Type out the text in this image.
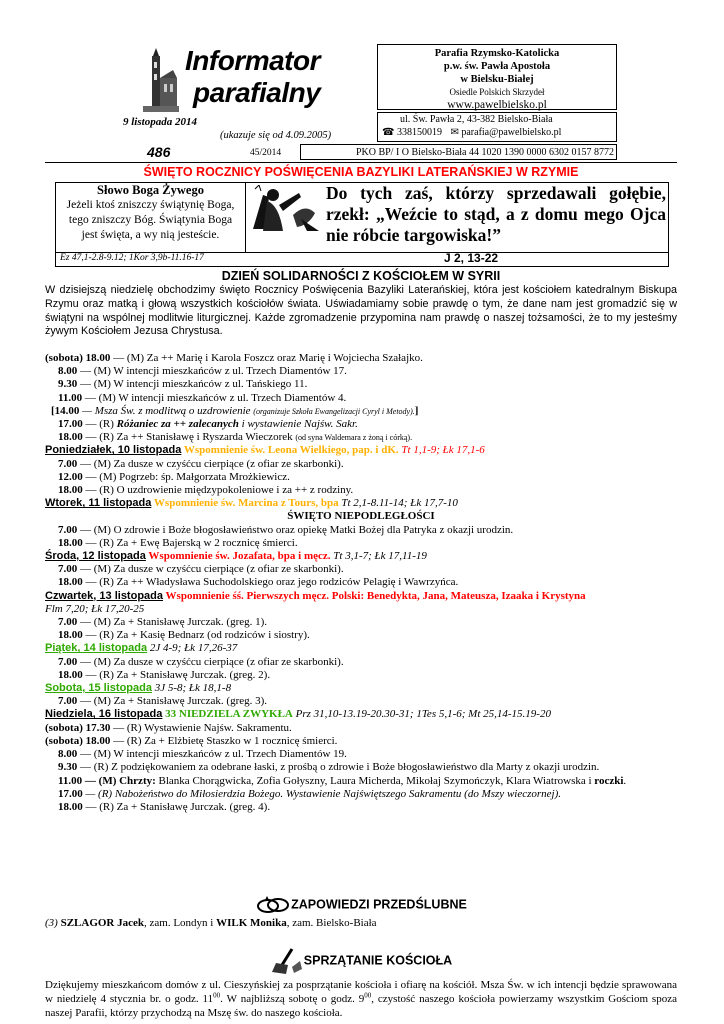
Informator
parafialny
Parafia Rzymsko-Katolicka
p.w. św. Pawła Apostoła
w Bielsku-Białej
Osiedle Polskich Skrzydeł
www.pawelbielsko.pl
9 listopada 2014
(ukazuje się od 4.09.2005)
ul. Św. Pawła 2, 43-382 Bielsko-Biała
☎ 338150019 ✉ parafia@pawelbielsko.pl
486	45/2014	PKO BP/ I O Bielsko-Biała 44 1020 1390 0000 6302 0157 8772
ŚWIĘTO ROCZNICY POŚWIĘCENIA BAZYLIKI LATERAŃSKIEJ W RZYMIE
Słowo Boga Żywego
Jeżeli ktoś zniszczy świątynię Boga,
tego zniszczy Bóg. Świątynia Boga
jest święta, a wy nią jesteście.
Do tych zaś, którzy sprzedawali gołębie, rzekł: „Weźcie to stąd, a z domu mego Ojca nie róbcie targowiska!”
Ez 47,1-2.8-9.12; 1Kor 3,9b-11.16-17	J 2, 13-22
DZIEŃ SOLIDARNOŚCI Z KOŚCIOŁEM W SYRII
W dzisiejszą niedzielę obchodzimy święto Rocznicy Poświęcenia Bazyliki Laterańskiej, która jest kościołem katedralnym Biskupa Rzymu oraz matką i głową wszystkich kościołów świata. Uświadamiamy sobie prawdę o tym, że dane nam jest gromadzić się w świątyni na wspólnej modlitwie liturgicznej. Każde zgromadzenie przypomina nam prawdę o naszej tożsamości, że to my jesteśmy żywym Kościołem Jezusa Chrystusa.
(sobota) 18.00 — (M) Za ++ Marię i Karola Foszcz oraz Marię i Wojciecha Szałajko.
8.00 — (M) W intencji mieszkańców z ul. Trzech Diamentów 17.
9.30 — (M) W intencji mieszkańców z ul. Tańskiego 11.
11.00 — (M) W intencji mieszkańców z ul. Trzech Diamentów 4.
[14.00 — Msza Św. z modlitwą o uzdrowienie (organizuje Szkoła Ewangelizacji Cyryl i Metody).]
17.00 — (R) Różaniec za ++ zalecanych i wystawienie Najśw. Sakr.
18.00 — (R) Za ++ Stanisławę i Ryszarda Wieczorek (od syna Waldemara z żoną i córką).
Poniedziałek, 10 listopada Wspomnienie św. Leona Wielkiego, pap. i dK. Tt 1,1-9; Łk 17,1-6
7.00 — (M) Za dusze w czyśćcu cierpiące (z ofiar ze skarbonki).
12.00 — (M) Pogrzeb: śp. Małgorzata Mrożkiewicz.
18.00 — (R) O uzdrowienie międzypokoleniowe i za ++ z rodziny.
Wtorek, 11 listopada Wspomnienie św. Marcina z Tours, bpa Tt 2,1-8.11-14; Łk 17,7-10
ŚWIĘTO NIEPODLEGŁOŚCI
7.00 — (M) O zdrowie i Boże błogosławieństwo oraz opiekę Matki Bożej dla Patryka z okazji urodzin.
18.00 — (R) Za + Ewę Bajerską w 2 rocznicę śmierci.
Środa, 12 listopada Wspomnienie św. Jozafata, bpa i męcz. Tt 3,1-7; Łk 17,11-19
7.00 — (M) Za dusze w czyśćcu cierpiące (z ofiar ze skarbonki).
18.00 — (R) Za ++ Władysława Suchodolskiego oraz jego rodziców Pelagię i Wawrzyńca.
Czwartek, 13 listopada Wspomnienie śś. Pierwszych męcz. Polski: Benedykta, Jana, Mateusza, Izaaka i Krystyna
Flm 7,20; Łk 17,20-25
7.00 — (M) Za + Stanisławę Jurczak. (greg. 1).
18.00 — (R) Za + Kasię Bednarz (od rodziców i siostry).
Piątek, 14 listopada 2J 4-9; Łk 17,26-37
7.00 — (M) Za dusze w czyśćcu cierpiące (z ofiar ze skarbonki).
18.00 — (R) Za + Stanisławę Jurczak. (greg. 2).
Sobota, 15 listopada 3J 5-8; Łk 18,1-8
7.00 — (M) Za + Stanisławę Jurczak. (greg. 3).
Niedziela, 16 listopada 33 NIEDZIELA ZWYKŁA Prz 31,10-13.19-20.30-31; 1Tes 5,1-6; Mt 25,14-15.19-20
(sobota) 17.30 — (R) Wystawienie Najśw. Sakramentu.
(sobota) 18.00 — (R) Za + Elżbietę Staszko w 1 rocznicę śmierci.
8.00 — (M) W intencji mieszkańców z ul. Trzech Diamentów 19.
9.30 — (R) Z podziękowaniem za odebrane łaski, z prośbą o zdrowie i Boże błogosławieństwo dla Marty z okazji urodzin.
11.00 — (M) Chrzty: Blanka Chorągwicka, Zofia Gołyszny, Laura Micherda, Mikołaj Szymończyk, Klara Wiatrowska i roczki.
17.00 — (R) Nabożeństwo do Miłosierdzia Bożego. Wystawienie Najświętszego Sakramentu (do Mszy wieczornej).
18.00 — (R) Za + Stanisławę Jurczak. (greg. 4).
ZAPOWIEDZI PRZEDŚLUBNE
(3) SZLAGOR Jacek, zam. Londyn i WILK Monika, zam. Bielsko-Biała
SPRZĄTANIE KOŚCIOŁA
Dziękujemy mieszkańcom domów z ul. Cieszyńskiej za posprzątanie kościoła i ofiarę na kościół. Msza Św. w ich intencji będzie sprawowana w niedzielę 4 stycznia br. o godz. $11^{00}$. W najbliższą sobotę o godz. $9^{00}$, czystość naszego kościoła powierzamy wszystkim Gościom spoza naszej Parafii, którzy przychodzą na Mszę św. do naszego kościoła.
